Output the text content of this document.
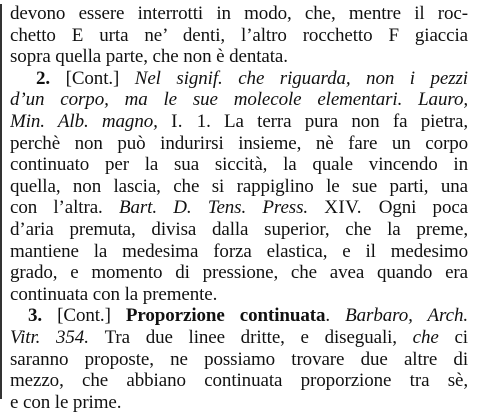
devono essere interrotti in modo, che, mentre il roc-
chetto E urta ne’ denti, l’altro rocchetto F giaccia
sopra quella parte, che non è dentata.
2. [Cont.] Nel signif. che riguarda, non i pezzi
d’un corpo, ma le sue molecole elementari. Lauro,
Min. Alb. magno, I. 1. La terra pura non fa pietra,
perchè non può indurirsi insieme, nè fare un corpo
continuato per la sua siccità, la quale vincendo in
quella, non lascia, che si rappiglino le sue parti, una
con l’altra. Bart. D. Tens. Press. XIV. Ogni poca
d’aria premuta, divisa dalla superior, che la preme,
mantiene la medesima forza elastica, e il medesimo
grado, e momento di pressione, che avea quando era
continuata con la premente.
3. [Cont.] Proporzione continuata. Barbaro, Arch.
Vitr. 354. Tra due linee dritte, e diseguali, che ci
saranno proposte, ne possiamo trovare due altre di
mezzo, che abbiano continuata proporzione tra sè,
e con le prime.
